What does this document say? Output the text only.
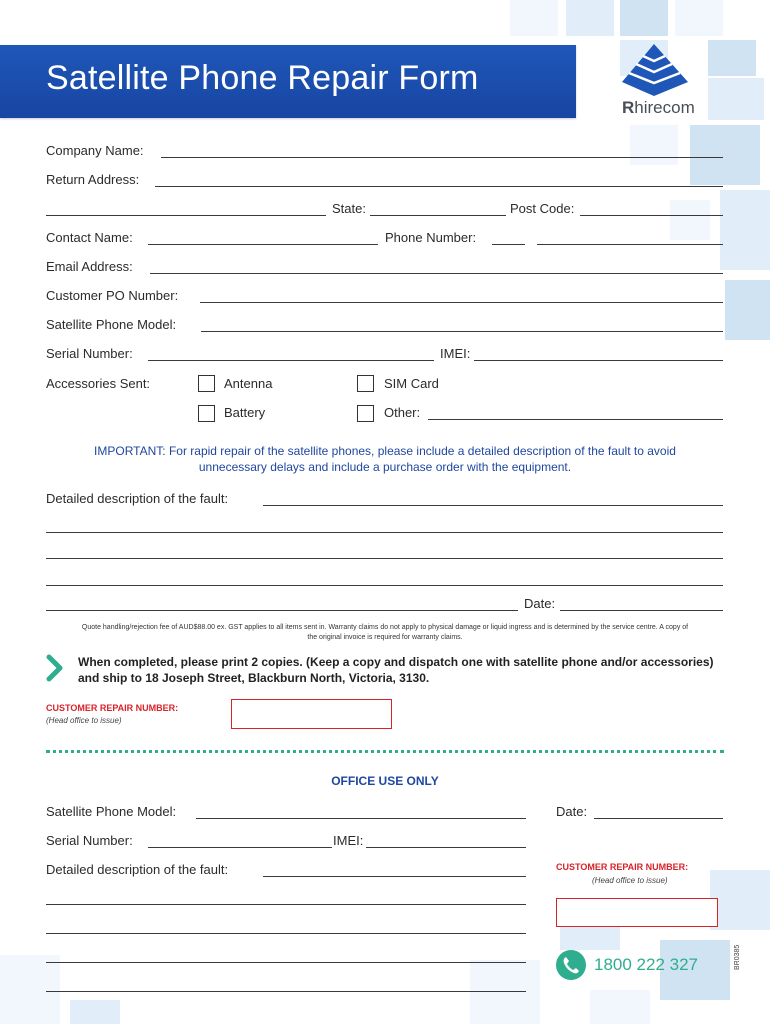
Satellite Phone Repair Form
Rhirecom
Company Name:
Return Address:
State:	Post Code:
Contact Name:	Phone Number:
Email Address:
Customer PO Number:
Satellite Phone Model:
Serial Number:	IMEI:
Accessories Sent:	Antenna	SIM Card
Battery	Other:
IMPORTANT: For rapid repair of the satellite phones, please include a detailed description of the fault to avoid unnecessary delays and include a purchase order with the equipment.
Detailed description of the fault:
Date:
Quote handling/rejection fee of AUD$88.00 ex. GST applies to all items sent in. Warranty claims do not apply to physical damage or liquid ingress and is determined by the service centre. A copy of the original invoice is required for warranty claims.
When completed, please print 2 copies. (Keep a copy and dispatch one with satellite phone and/or accessories) and ship to 18 Joseph Street, Blackburn North, Victoria, 3130.
CUSTOMER REPAIR NUMBER:
(Head office to issue)
OFFICE USE ONLY
Satellite Phone Model:	Date:
Serial Number:	IMEI:
Detailed description of the fault:	CUSTOMER REPAIR NUMBER:
(Head office to issue)
1800 222 327	BR0385
